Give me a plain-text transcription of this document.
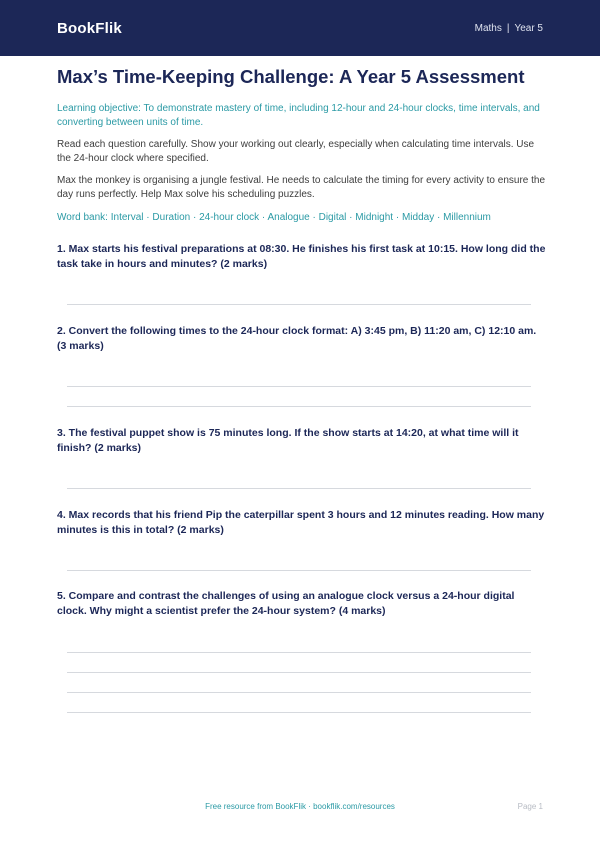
BookFlik	Maths | Year 5
Max’s Time-Keeping Challenge: A Year 5 Assessment

Learning objective: To demonstrate mastery of time, including 12-hour and 24-hour clocks, time intervals, and converting between units of time.

Read each question carefully. Show your working out clearly, especially when calculating time intervals. Use the 24-hour clock where specified.

Max the monkey is organising a jungle festival. He needs to calculate the timing for every activity to ensure the day runs perfectly. Help Max solve his scheduling puzzles.

Word bank: Interval · Duration · 24-hour clock · Analogue · Digital · Midnight · Midday · Millennium

1. Max starts his festival preparations at 08:30. He finishes his first task at 10:15. How long did the task take in hours and minutes? (2 marks)

2. Convert the following times to the 24-hour clock format: A) 3:45 pm, B) 11:20 am, C) 12:10 am. (3 marks)

3. The festival puppet show is 75 minutes long. If the show starts at 14:20, at what time will it finish? (2 marks)

4. Max records that his friend Pip the caterpillar spent 3 hours and 12 minutes reading. How many minutes is this in total? (2 marks)

5. Compare and contrast the challenges of using an analogue clock versus a 24-hour digital clock. Why might a scientist prefer the 24-hour system? (4 marks)

Free resource from BookFlik · bookflik.com/resources	Page 1
